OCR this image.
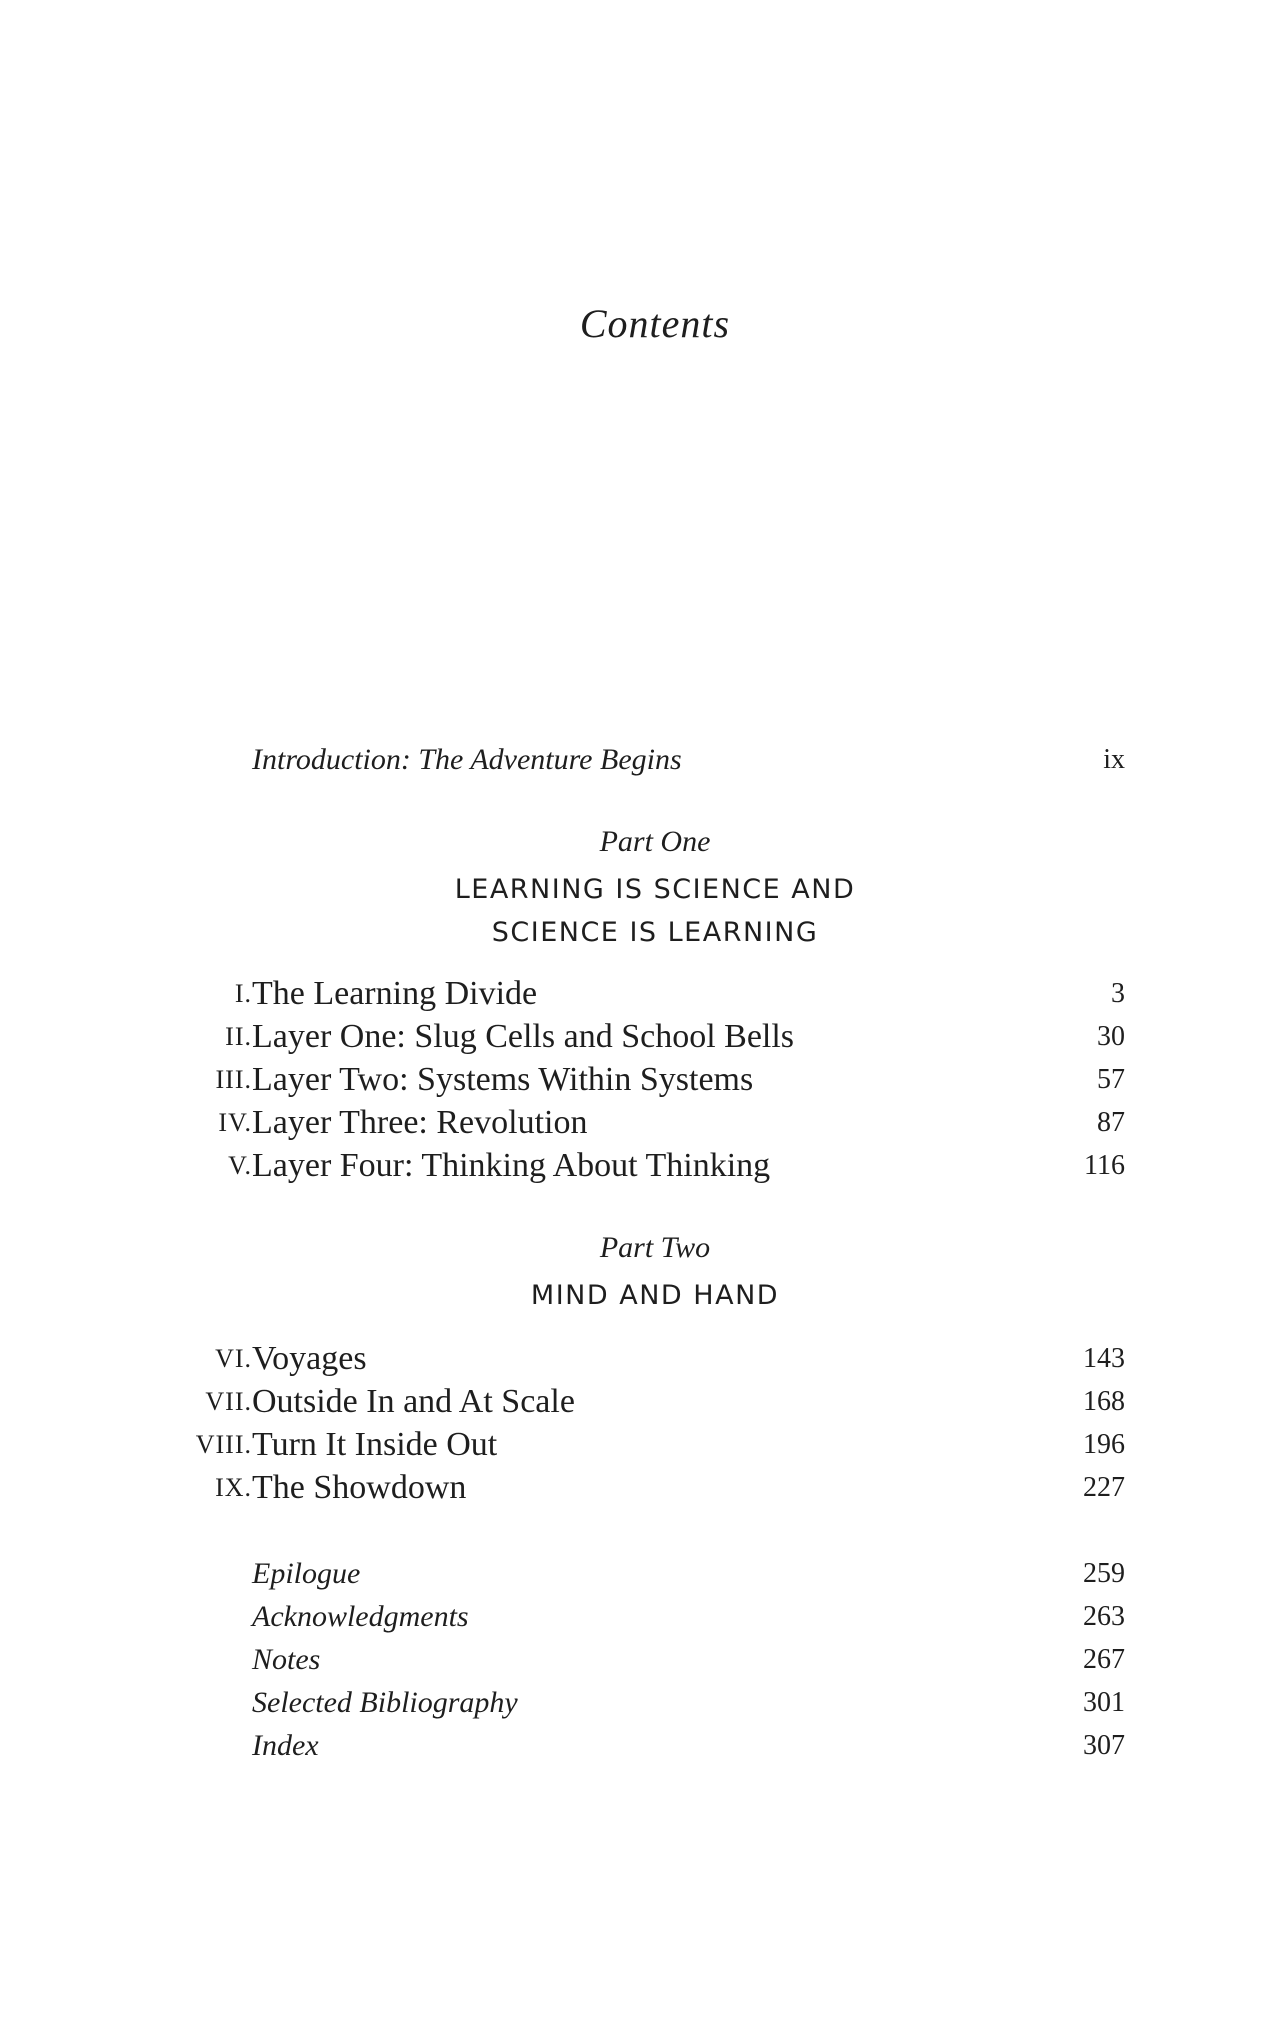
Contents
Introduction: The Adventure Begins	ix
Part One
LEARNING IS SCIENCE AND
SCIENCE IS LEARNING
I. The Learning Divide	3
II. Layer One: Slug Cells and School Bells	30
III. Layer Two: Systems Within Systems	57
IV. Layer Three: Revolution	87
V. Layer Four: Thinking About Thinking	116
Part Two
MIND AND HAND
VI. Voyages	143
VII. Outside In and At Scale	168
VIII. Turn It Inside Out	196
IX. The Showdown	227
Epilogue	259
Acknowledgments	263
Notes	267
Selected Bibliography	301
Index	307
